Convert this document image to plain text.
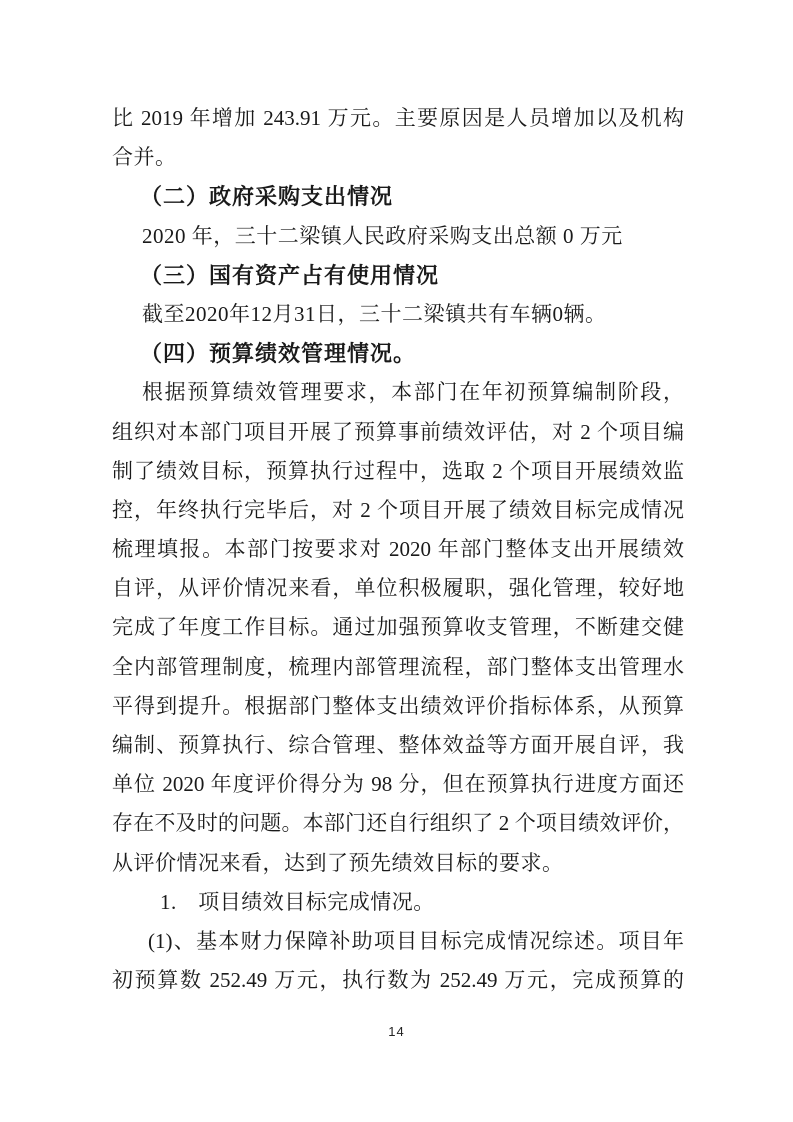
比 2019 年增加 243.91 万元。主要原因是人员增加以及机构
合并。
（二）政府采购支出情况
2020 年，三十二梁镇人民政府采购支出总额 0 万元
（三）国有资产占有使用情况
截至2020年12月31日，三十二梁镇共有车辆0辆。
（四）预算绩效管理情况。
根据预算绩效管理要求，本部门在年初预算编制阶段，
组织对本部门项目开展了预算事前绩效评估，对 2 个项目编
制了绩效目标，预算执行过程中，选取 2 个项目开展绩效监
控，年终执行完毕后，对 2 个项目开展了绩效目标完成情况
梳理填报。本部门按要求对 2020 年部门整体支出开展绩效
自评，从评价情况来看，单位积极履职，强化管理，较好地
完成了年度工作目标。通过加强预算收支管理，不断建交健
全内部管理制度，梳理内部管理流程，部门整体支出管理水
平得到提升。根据部门整体支出绩效评价指标体系，从预算
编制、预算执行、综合管理、整体效益等方面开展自评，我
单位 2020 年度评价得分为 98 分，但在预算执行进度方面还
存在不及时的问题。本部门还自行组织了 2 个项目绩效评价，
从评价情况来看，达到了预先绩效目标的要求。
1.　项目绩效目标完成情况。
(1)、基本财力保障补助项目目标完成情况综述。项目年
初预算数 252.49 万元，执行数为 252.49 万元，完成预算的
14
